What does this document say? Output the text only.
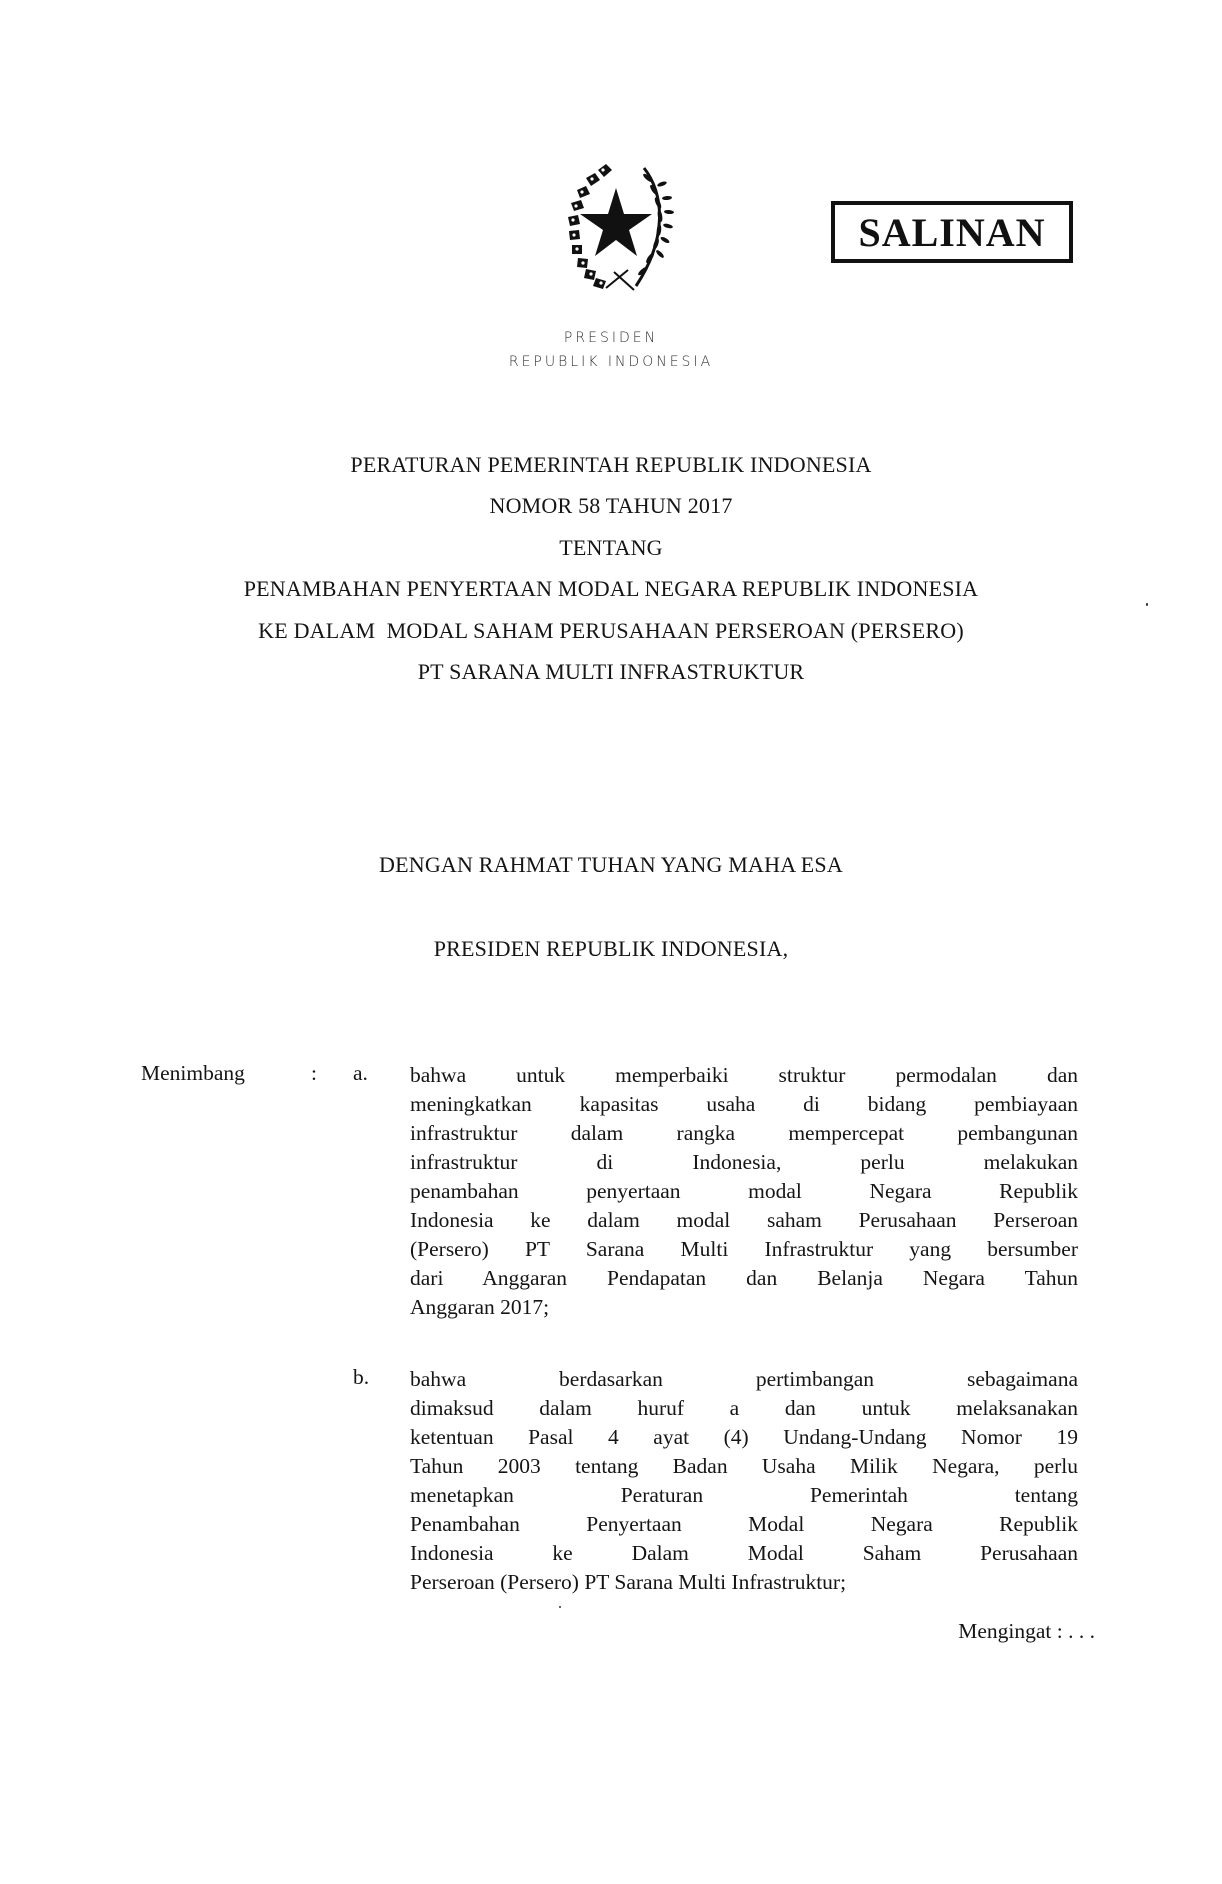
SALINAN
PRESIDEN
REPUBLIK INDONESIA
PERATURAN PEMERINTAH REPUBLIK INDONESIA
NOMOR 58 TAHUN 2017
TENTANG
PENAMBAHAN PENYERTAAN MODAL NEGARA REPUBLIK INDONESIA
KE DALAM  MODAL SAHAM PERUSAHAAN PERSEROAN (PERSERO)
PT SARANA MULTI INFRASTRUKTUR
DENGAN RAHMAT TUHAN YANG MAHA ESA
PRESIDEN REPUBLIK INDONESIA,
Menimbang	: a. bahwa untuk memperbaiki struktur permodalan dan
meningkatkan kapasitas usaha di bidang pembiayaan
infrastruktur dalam rangka mempercepat pembangunan
infrastruktur di Indonesia, perlu melakukan
penambahan penyertaan modal Negara Republik
Indonesia ke dalam modal saham Perusahaan Perseroan
(Persero) PT Sarana Multi Infrastruktur yang bersumber
dari Anggaran Pendapatan dan Belanja Negara Tahun
Anggaran 2017;
b. bahwa berdasarkan pertimbangan sebagaimana
dimaksud dalam huruf a dan untuk melaksanakan
ketentuan Pasal 4 ayat (4) Undang-Undang Nomor 19
Tahun 2003 tentang Badan Usaha Milik Negara, perlu
menetapkan Peraturan Pemerintah tentang
Penambahan Penyertaan Modal Negara Republik
Indonesia ke Dalam Modal Saham Perusahaan
Perseroan (Persero) PT Sarana Multi Infrastruktur;
Mengingat : . . .
